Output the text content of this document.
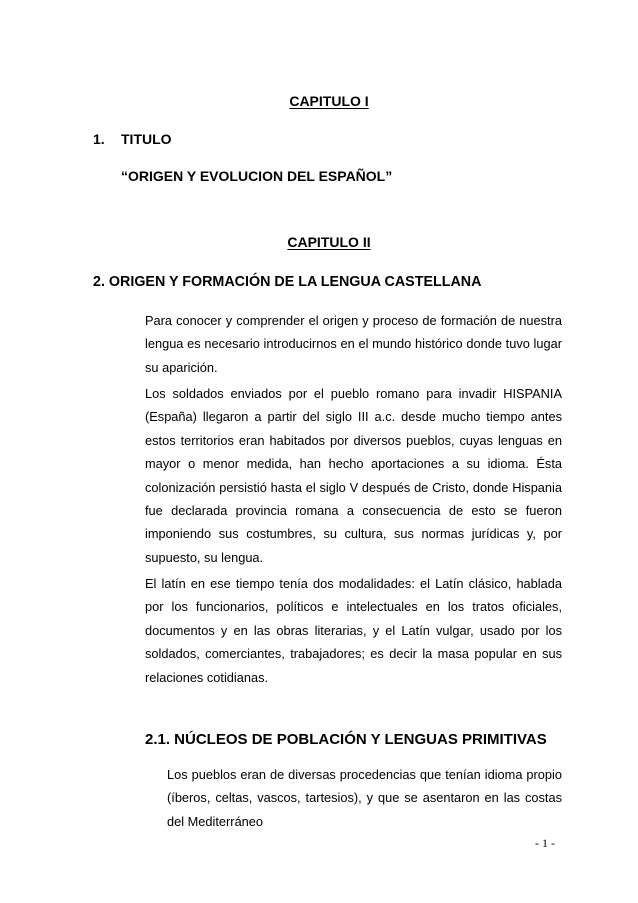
CAPITULO I

1. TITULO

“ORIGEN Y EVOLUCION DEL ESPAÑOL”

CAPITULO II

2. ORIGEN Y FORMACIÓN DE LA LENGUA CASTELLANA

Para conocer y comprender el origen y proceso de formación de nuestra lengua es necesario introducirnos en el mundo histórico donde tuvo lugar su aparición.

Los soldados enviados por el pueblo romano para invadir HISPANIA (España) llegaron a partir del siglo III a.c. desde mucho tiempo antes estos territorios eran habitados por diversos pueblos, cuyas lenguas en mayor o menor medida, han hecho aportaciones a su idioma. Ésta colonización persistió hasta el siglo V después de Cristo, donde Hispania fue declarada provincia romana a consecuencia de esto se fueron imponiendo sus costumbres, su cultura, sus normas jurídicas y, por supuesto, su lengua.

El latín en ese tiempo tenía dos modalidades: el Latín clásico, hablada por los funcionarios, políticos e intelectuales en los tratos oficiales, documentos y en las obras literarias, y el Latín vulgar, usado por los soldados, comerciantes, trabajadores; es decir la masa popular en sus relaciones cotidianas.

2.1. NÚCLEOS DE POBLACIÓN Y LENGUAS PRIMITIVAS

Los pueblos eran de diversas procedencias que tenían idioma propio (íberos, celtas, vascos, tartesios), y que se asentaron en las costas del Mediterráneo

- 1 -
